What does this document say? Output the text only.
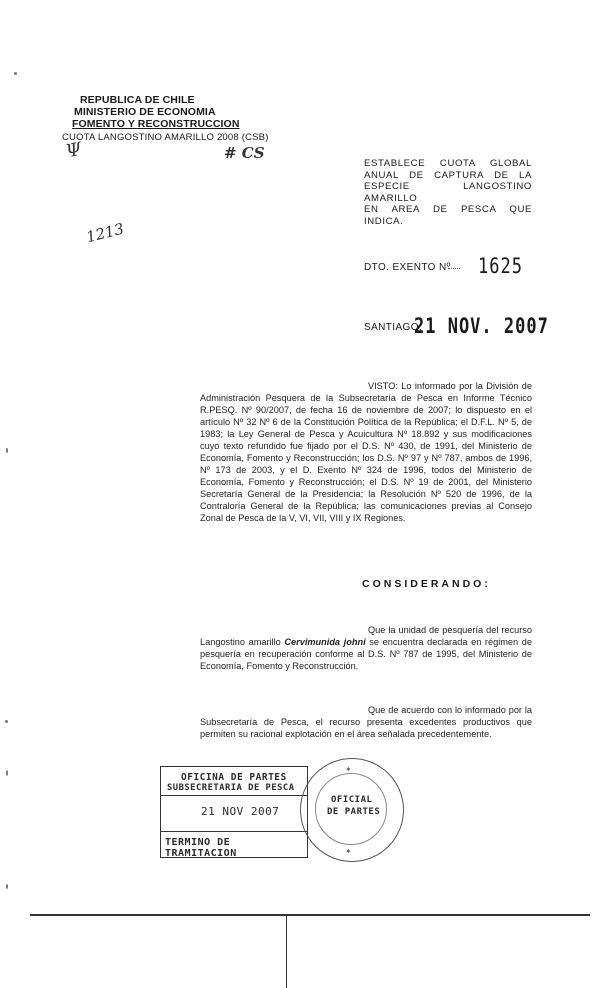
REPUBLICA DE CHILE
MINISTERIO DE ECONOMIA
FOMENTO Y RECONSTRUCCION
CUOTA LANGOSTINO AMARILLO 2008 (CSB)
Ψ	# CS
1213
ESTABLECE CUOTA GLOBAL
ANUAL DE CAPTURA DE LA
ESPECIE LANGOSTINO AMARILLO
EN AREA DE PESCA QUE INDICA.
DTO. EXENTO Nº 1625
SANTIAGO,
21 NOV. 2007

VISTO: Lo informado por la División de Administración Pesquera de la Subsecretaría de Pesca en Informe Técnico R.PESQ. Nº 90/2007, de fecha 16 de noviembre de 2007; lo dispuesto en el artículo Nº 32 Nº 6 de la Constitución Política de la República; el D.F.L. Nº 5, de 1983; la Ley General de Pesca y Acuicultura Nº 18.892 y sus modificaciones cuyo texto refundido fue fijado por el D.S. Nº 430, de 1991, del Ministerio de Economía, Fomento y Reconstrucción; los D.S. Nº 97 y Nº 787, ambos de 1996, Nº 173 de 2003, y el D. Exento Nº 324 de 1996, todos del Ministerio de Economía, Fomento y Reconstrucción; el D.S. Nº 19 de 2001, del Ministerio Secretaría General de la Presidencia; la Resolución Nº 520 de 1996, de la Contraloría General de la República; las comunicaciones previas al Consejo Zonal de Pesca de la V, VI, VII, VIII y IX Regiones.

CONSIDERANDO:

Que la unidad de pesquería del recurso Langostino amarillo Cervimunida johni se encuentra declarada en régimen de pesquería en recuperación conforme al D.S. Nº 787 de 1995, del Ministerio de Economía, Fomento y Reconstrucción.

Que de acuerdo con lo informado por la Subsecretaría de Pesca, el recurso presenta excedentes productivos que permiten su racional explotación en el área señalada precedentemente.

OFICINA DE PARTES
SUBSECRETARIA DE PESCA
21 NOV 2007
TERMINO DE TRAMITACION
OFICIAL
DE PARTES
✦
✦
